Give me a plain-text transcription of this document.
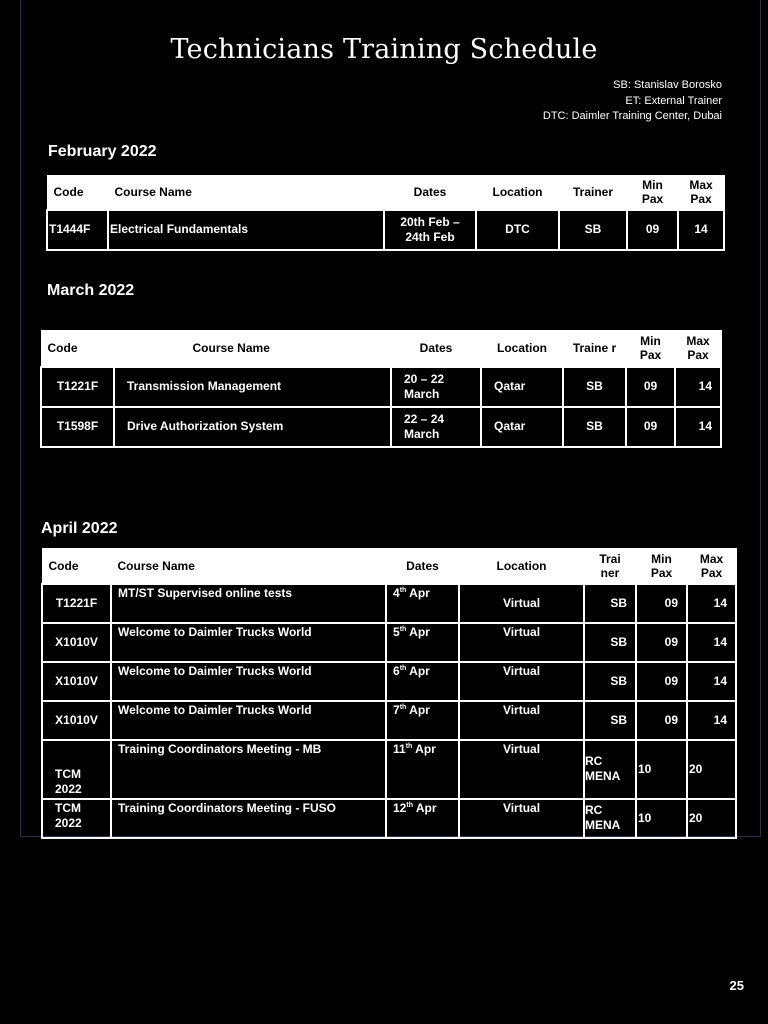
Technicians Training Schedule
SB: Stanislav Borosko
ET: External Trainer
DTC: Daimler Training Center, Dubai
February 2022
Code	Course Name	Dates	Location	Trainer	Min Pax	Max Pax
T1444F	Electrical Fundamentals	20th Feb – 24th Feb	DTC	SB	09	14
March 2022
Code	Course Name	Dates	Location	Traine r	Min Pax	Max Pax
T1221F	Transmission Management	20 – 22 March	Qatar	SB	09	14
T1598F	Drive Authorization System	22 – 24 March	Qatar	SB	09	14
April 2022
Code	Course Name	Dates	Location	Trai ner	Min Pax	Max Pax
T1221F	MT/ST Supervised online tests	4th Apr	Virtual	SB	09	14
X1010V	Welcome to Daimler Trucks World	5th Apr	Virtual	SB	09	14
X1010V	Welcome to Daimler Trucks World	6th Apr	Virtual	SB	09	14
X1010V	Welcome to Daimler Trucks World	7th Apr	Virtual	SB	09	14
TCM 2022	Training Coordinators Meeting - MB	11th Apr	Virtual	RC MENA	10	20
TCM 2022	Training Coordinators Meeting - FUSO	12th Apr	Virtual	RC MENA	10	20
25
